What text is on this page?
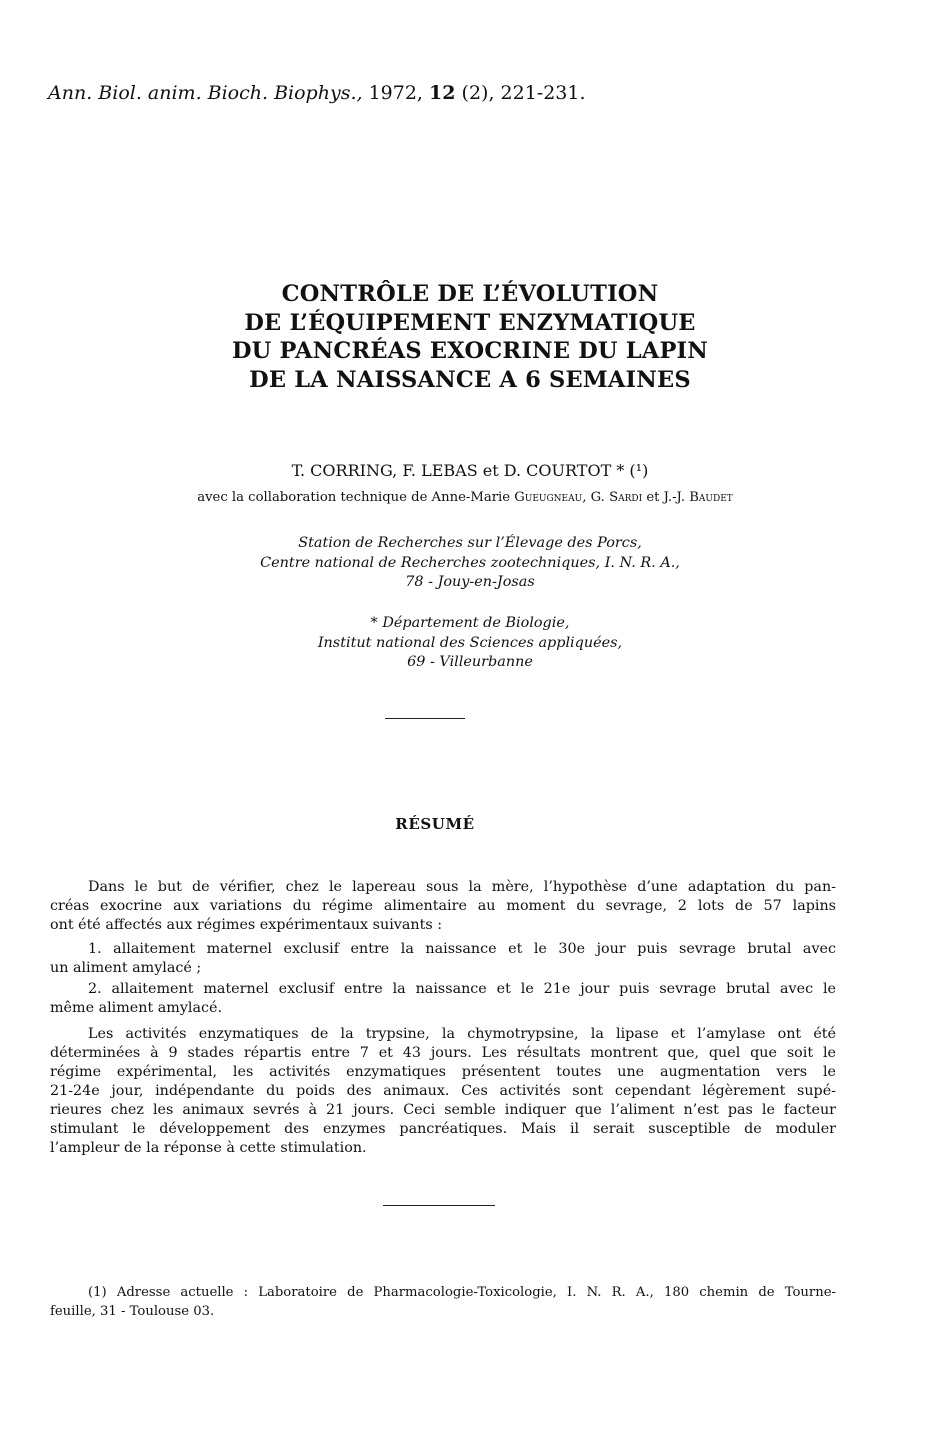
Ann. Biol. anim. Bioch. Biophys., 1972, 12 (2), 221-231.
CONTRÔLE DE L’ÉVOLUTION
DE L’ÉQUIPEMENT ENZYMATIQUE
DU PANCRÉAS EXOCRINE DU LAPIN
DE LA NAISSANCE A 6 SEMAINES
T. CORRING, F. LEBAS et D. COURTOT * (¹)
avec la collaboration technique de Anne-Marie Gueugneau, G. Sardi et J.-J. Baudet
Station de Recherches sur l’Élevage des Porcs,
Centre national de Recherches zootechniques, I. N. R. A.,
78 - Jouy-en-Josas
* Département de Biologie,
Institut national des Sciences appliquées,
69 - Villeurbanne
RÉSUMÉ
Dans le but de vérifier, chez le lapereau sous la mère, l’hypothèse d’une adaptation du pan-
créas exocrine aux variations du régime alimentaire au moment du sevrage, 2 lots de 57 lapins
ont été affectés aux régimes expérimentaux suivants :
1. allaitement maternel exclusif entre la naissance et le 30e jour puis sevrage brutal avec
un aliment amylacé ;
2. allaitement maternel exclusif entre la naissance et le 21e jour puis sevrage brutal avec le
même aliment amylacé.
Les activités enzymatiques de la trypsine, la chymotrypsine, la lipase et l’amylase ont été
déterminées à 9 stades répartis entre 7 et 43 jours. Les résultats montrent que, quel que soit le
régime expérimental, les activités enzymatiques présentent toutes une augmentation vers le
21-24e jour, indépendante du poids des animaux. Ces activités sont cependant légèrement supé-
rieures chez les animaux sevrés à 21 jours. Ceci semble indiquer que l’aliment n’est pas le facteur
stimulant le développement des enzymes pancréatiques. Mais il serait susceptible de moduler
l’ampleur de la réponse à cette stimulation.
(1) Adresse actuelle : Laboratoire de Pharmacologie-Toxicologie, I. N. R. A., 180 chemin de Tourne-
feuille, 31 - Toulouse 03.
